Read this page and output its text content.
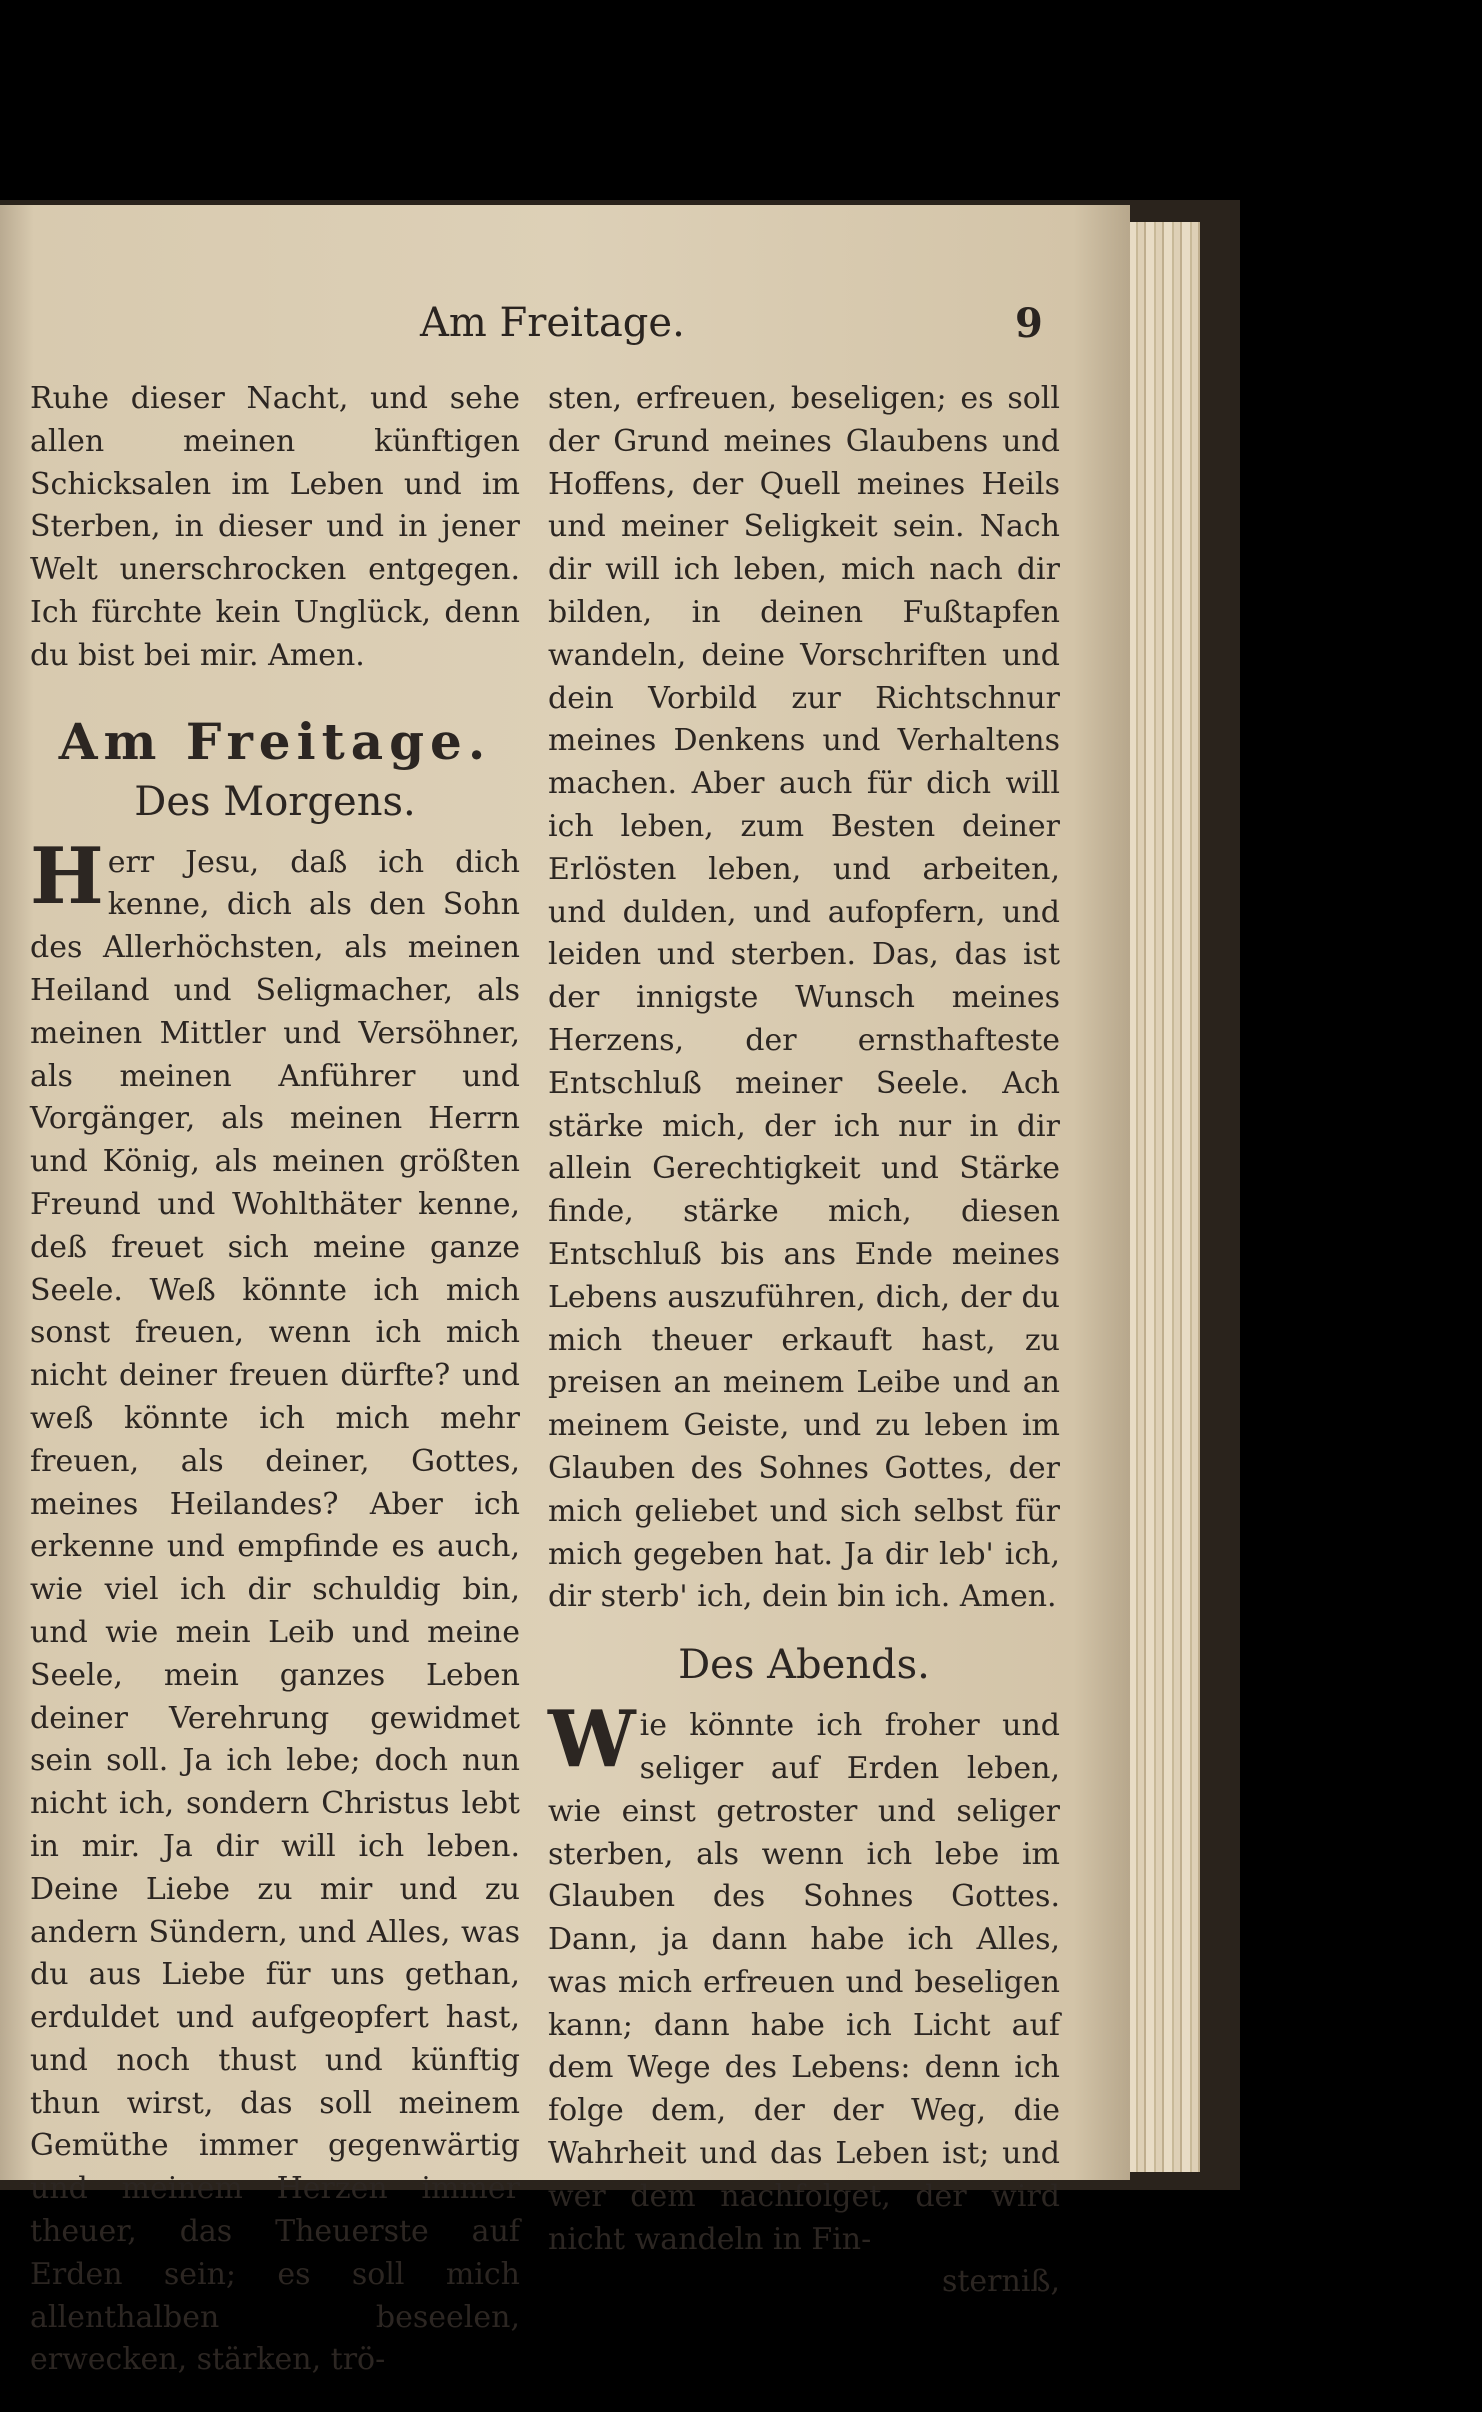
Am Freitage.	9

Ruhe dieser Nacht, und sehe allen meinen künftigen Schicksalen im Leben und im Sterben, in dieser und in jener Welt unerschrocken entgegen. Ich fürchte kein Unglück, denn du bist bei mir. Amen.

Am Freitage.
Des Morgens.

Herr Jesu, daß ich dich kenne, dich als den Sohn des Allerhöchsten, als meinen Heiland und Seligmacher, als meinen Mittler und Versöhner, als meinen Anführer und Vorgänger, als meinen Herrn und König, als meinen größten Freund und Wohlthäter kenne, deß freuet sich meine ganze Seele. Weß könnte ich mich sonst freuen, wenn ich mich nicht deiner freuen dürfte? und weß könnte ich mich mehr freuen, als deiner, Gottes, meines Heilandes? Aber ich erkenne und empfinde es auch, wie viel ich dir schuldig bin, und wie mein Leib und meine Seele, mein ganzes Leben deiner Verehrung gewidmet sein soll. Ja ich lebe; doch nun nicht ich, sondern Christus lebt in mir. Ja dir will ich leben. Deine Liebe zu mir und zu andern Sündern, und Alles, was du aus Liebe für uns gethan, erduldet und aufgeopfert hast, und noch thust und künftig thun wirst, das soll meinem Gemüthe immer gegenwärtig und meinem Herzen immer theuer, das Theuerste auf Erden sein; es soll mich allenthalben beseelen, erwecken, stärken, trö-

sten, erfreuen, beseligen; es soll der Grund meines Glaubens und Hoffens, der Quell meines Heils und meiner Seligkeit sein. Nach dir will ich leben, mich nach dir bilden, in deinen Fußtapfen wandeln, deine Vorschriften und dein Vorbild zur Richtschnur meines Denkens und Verhaltens machen. Aber auch für dich will ich leben, zum Besten deiner Erlösten leben, und arbeiten, und dulden, und aufopfern, und leiden und sterben. Das, das ist der innigste Wunsch meines Herzens, der ernsthafteste Entschluß meiner Seele. Ach stärke mich, der ich nur in dir allein Gerechtigkeit und Stärke finde, stärke mich, diesen Entschluß bis ans Ende meines Lebens auszuführen, dich, der du mich theuer erkauft hast, zu preisen an meinem Leibe und an meinem Geiste, und zu leben im Glauben des Sohnes Gottes, der mich geliebet und sich selbst für mich gegeben hat. Ja dir leb' ich, dir sterb' ich, dein bin ich. Amen.

Des Abends.

Wie könnte ich froher und seliger auf Erden leben, wie einst getroster und seliger sterben, als wenn ich lebe im Glauben des Sohnes Gottes. Dann, ja dann habe ich Alles, was mich erfreuen und beseligen kann; dann habe ich Licht auf dem Wege des Lebens: denn ich folge dem, der der Weg, die Wahrheit und das Leben ist; und wer dem nachfolget, der wird nicht wandeln in Fin-

sterniß,
